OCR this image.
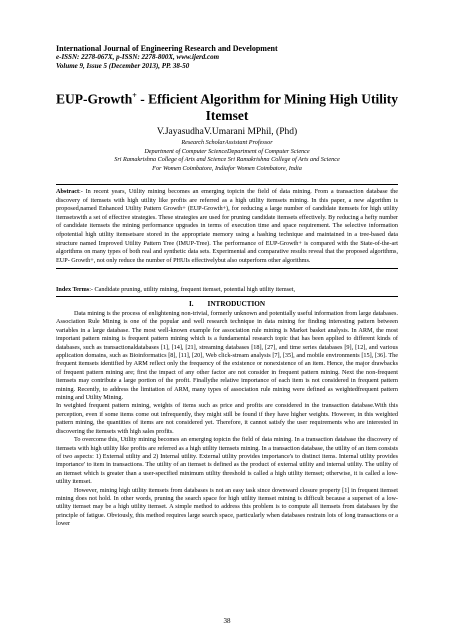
International Journal of Engineering Research and Development
e-ISSN: 2278-067X, p-ISSN: 2278-800X, www.ijerd.com
Volume 9, Issue 5 (December 2013), PP. 38-50
EUP-Growth+ - Efficient Algorithm for Mining High Utility Itemset
V.JayasudhaV.Umarani MPhil, (Phd)
Research ScholarAssistant Professor
Department of Computer ScienceDepartment of Computer Science
Sri Ramakrishna College of Arts and Science Sri Ramakrishna College of Arts and Science
For Women Coimbatore, Indiafor Women Coimbatore, India
Abstract:- In recent years, Utility mining becomes an emerging topicin the field of data mining. From a transaction database the discovery of itemsets with high utility like profits are referred as a high utility itemsets mining. In this paper, a new algorithm is proposed,named Enhanced Utility Pattern Growth+ (EUP-Growth+), for reducing a large number of candidate itemsets for high utility itemsetswith a set of effective strategies. These strategies are used for pruning candidate itemsets effectively. By reducing a hefty number of candidate itemsets the mining performance upgrades in terms of execution time and space requirement. The selective information ofpotential high utility itemsetsare stored in the appropriate memory using a hashing technique and maintained in a tree-based data structure named Improved Utility Pattern Tree (IMUP-Tree). The performance of EUP-Growth+ is compared with the State-of-the-art algorithms on many types of both real and synthetic data sets. Experimental and comparative results reveal that the proposed algorithms, EUP- Growth+, not only reduce the number of PHUIs effectivelybut also outperform other algorithms.
Index Terms:- Candidate pruning, utility mining, frequent itemset, potential high utility itemset,
I. INTRODUCTION

Data mining is the process of enlightening non-trivial, formerly unknown and potentially useful information from large databases. Association Rule Mining is one of the popular and well research technique in data mining for finding interesting pattern between variables in a large database. The most well-known example for association rule mining is Market basket analysis. In ARM, the most important pattern mining is frequent pattern mining which is a fundamental research topic that has been applied to different kinds of databases, such as transactionaldatabases [1], [14], [21], streaming databases [18], [27], and time series databases [9], [12], and various application domains, such as Bioinformatics [8], [11], [20], Web click-stream analysis [7], [35], and mobile environments [15], [36]. The frequent itemsets identified by ARM reflect only the frequency of the existence or nonexistence of an item. Hence, the major drawbacks of frequent pattern mining are; first the impact of any other factor are not consider in frequent pattern mining. Next the non-frequent itemsets may contribute a large portion of the profit. Finallythe relative importance of each item is not considered in frequent pattern mining. Recently, to address the limitation of ARM, many types of association rule mining were defined as weightedfrequent pattern mining and Utility Mining.

In weighted frequent pattern mining, weights of items such as price and profits are considered in the transaction database.With this perception, even if some items come out infrequently, they might still be found if they have higher weights. However, in this weighted pattern mining, the quantities of items are not considered yet. Therefore, it cannot satisfy the user requirements who are interested in discovering the itemsets with high sales profits.

To overcome this, Utility mining becomes an emerging topicin the field of data mining. In a transaction database the discovery of itemsets with high utility like profits are referred as a high utility itemsets mining. In a transaction database, the utility of an item consists of two aspects: 1) External utility and 2) Internal utility. External utility provides importance's to distinct items. Internal utility provides importance' to item in transactions. The utility of an itemset is defined as the product of external utility and internal utility. The utility of an itemset which is greater than a user-specified minimum utility threshold is called a high utility itemset; otherwise, it is called a low-utility itemset.

However, mining high utility itemsets from databases is not an easy task since downward closure property [1] in frequent itemset mining does not hold. In other words, pruning the search space for high utility itemset mining is difficult because a superset of a low-utility itemset may be a high utility itemset. A simple method to address this problem is to compute all itemsets from databases by the principle of fatigue. Obviously, this method requires large search space, particularly when databases restrain lots of long transactions or a lower

38
